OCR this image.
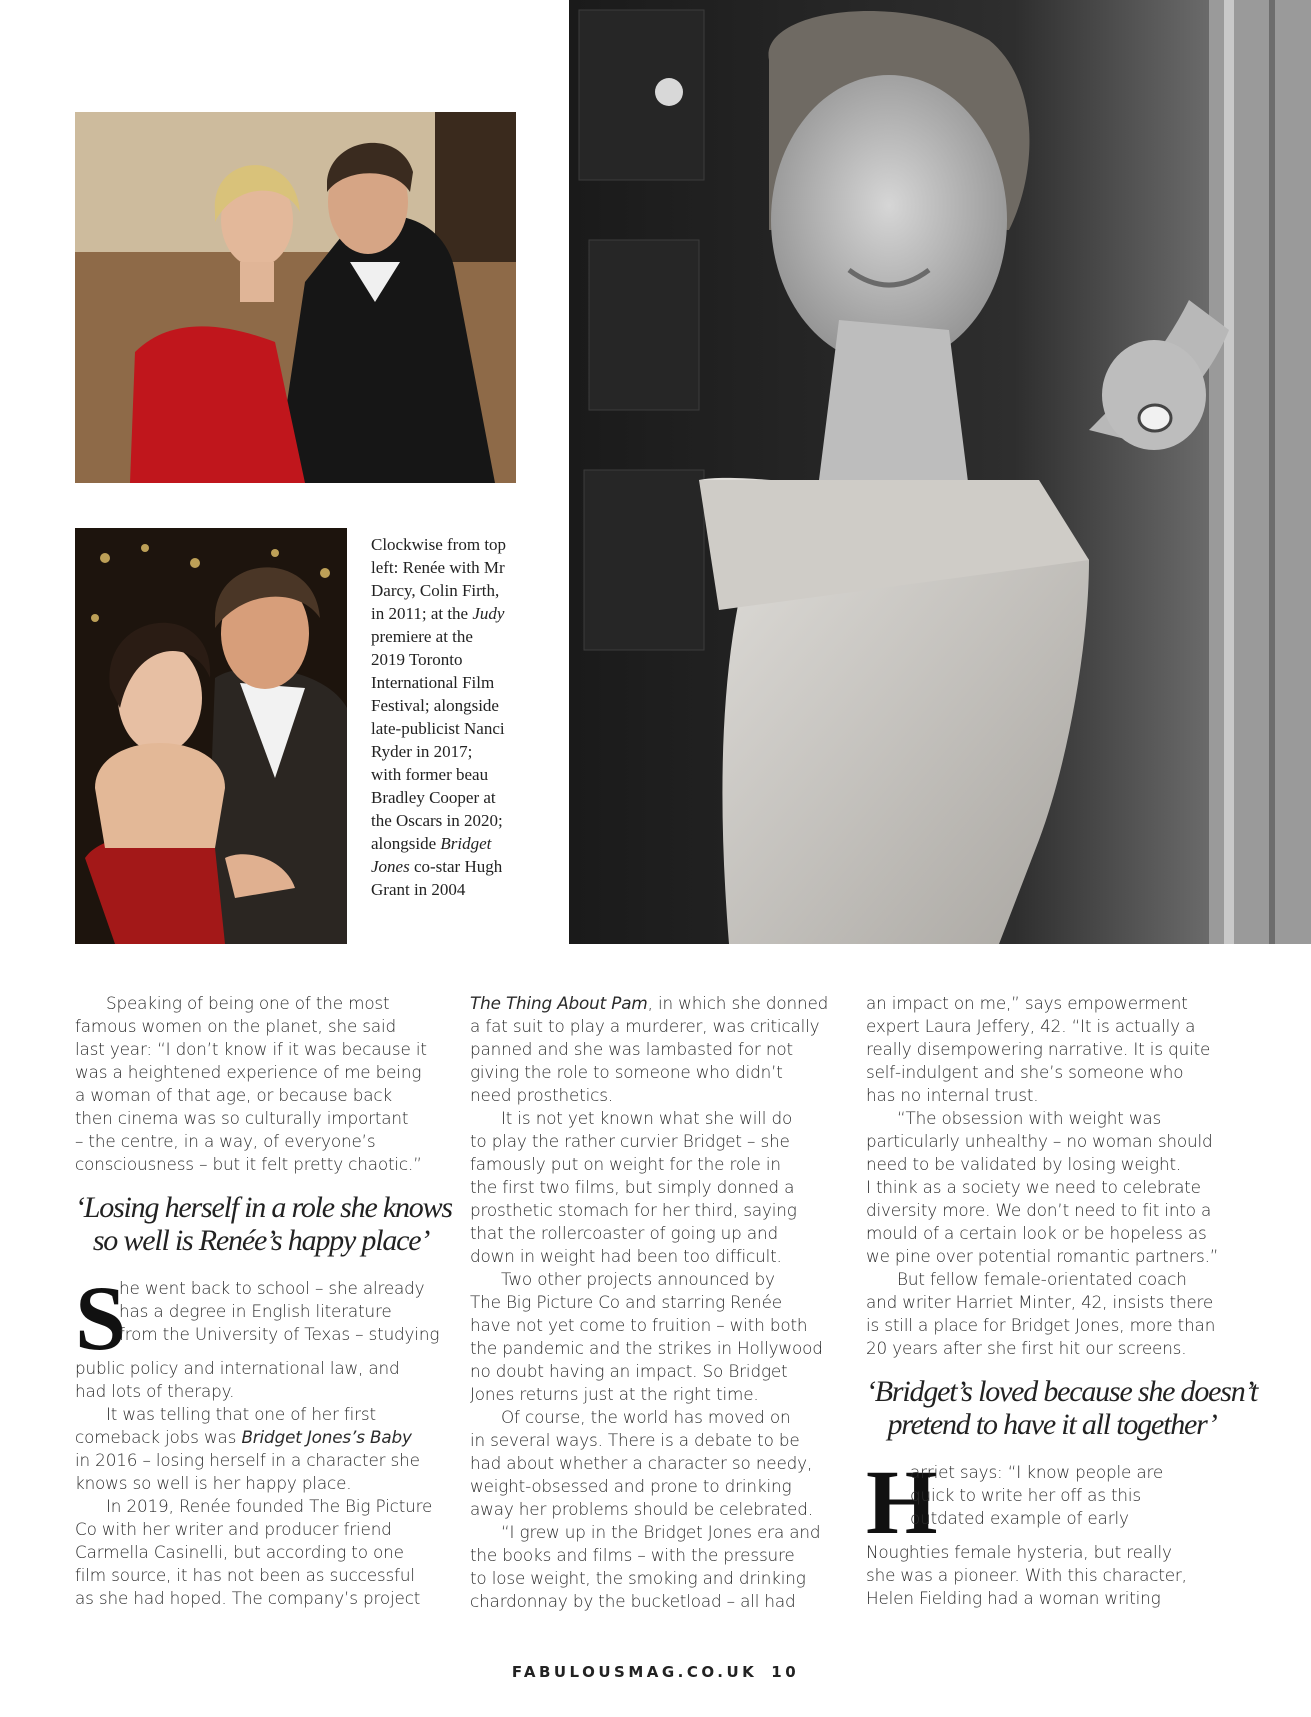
Clockwise from top
left: Renée with Mr
Darcy, Colin Firth,
in 2011; at the Judy
premiere at the
2019 Toronto
International Film
Festival; alongside
late-publicist Nanci
Ryder in 2017;
with former beau
Bradley Cooper at
the Oscars in 2020;
alongside Bridget
Jones co-star Hugh
Grant in 2004
Speaking of being one of the most
famous women on the planet, she said
last year: “I don’t know if it was because it
was a heightened experience of me being
a woman of that age, or because back
then cinema was so culturally important
– the centre, in a way, of everyone’s
consciousness – but it felt pretty chaotic.”
‘Losing herself in a role she knows
so well is Renée’s happy place’
S
he went back to school – she already
has a degree in English literature
from the University of Texas – studying
public policy and international law, and
had lots of therapy.
It was telling that one of her first
comeback jobs was Bridget Jones’s Baby
in 2016 – losing herself in a character she
knows so well is her happy place.
In 2019, Renée founded The Big Picture
Co with her writer and producer friend
Carmella Casinelli, but according to one
film source, it has not been as successful
as she had hoped. The company’s project
The Thing About Pam, in which she donned
a fat suit to play a murderer, was critically
panned and she was lambasted for not
giving the role to someone who didn’t
need prosthetics.
It is not yet known what she will do
to play the rather curvier Bridget – she
famously put on weight for the role in
the first two films, but simply donned a
prosthetic stomach for her third, saying
that the rollercoaster of going up and
down in weight had been too difficult.
Two other projects announced by
The Big Picture Co and starring Renée
have not yet come to fruition – with both
the pandemic and the strikes in Hollywood
no doubt having an impact. So Bridget
Jones returns just at the right time.
Of course, the world has moved on
in several ways. There is a debate to be
had about whether a character so needy,
weight-obsessed and prone to drinking
away her problems should be celebrated.
“I grew up in the Bridget Jones era and
the books and films – with the pressure
to lose weight, the smoking and drinking
chardonnay by the bucketload – all had
an impact on me,” says empowerment
expert Laura Jeffery, 42. “It is actually a
really disempowering narrative. It is quite
self-indulgent and she’s someone who
has no internal trust.
“The obsession with weight was
particularly unhealthy – no woman should
need to be validated by losing weight.
I think as a society we need to celebrate
diversity more. We don’t need to fit into a
mould of a certain look or be hopeless as
we pine over potential romantic partners.”
But fellow female-orientated coach
and writer Harriet Minter, 42, insists there
is still a place for Bridget Jones, more than
20 years after she first hit our screens.
‘Bridget’s loved because she doesn’t
pretend to have it all together’
H
arriet says: “I know people are
quick to write her off as this
outdated example of early
Noughties female hysteria, but really
she was a pioneer. With this character,
Helen Fielding had a woman writing
FABULOUSMAG.CO.UK 10
